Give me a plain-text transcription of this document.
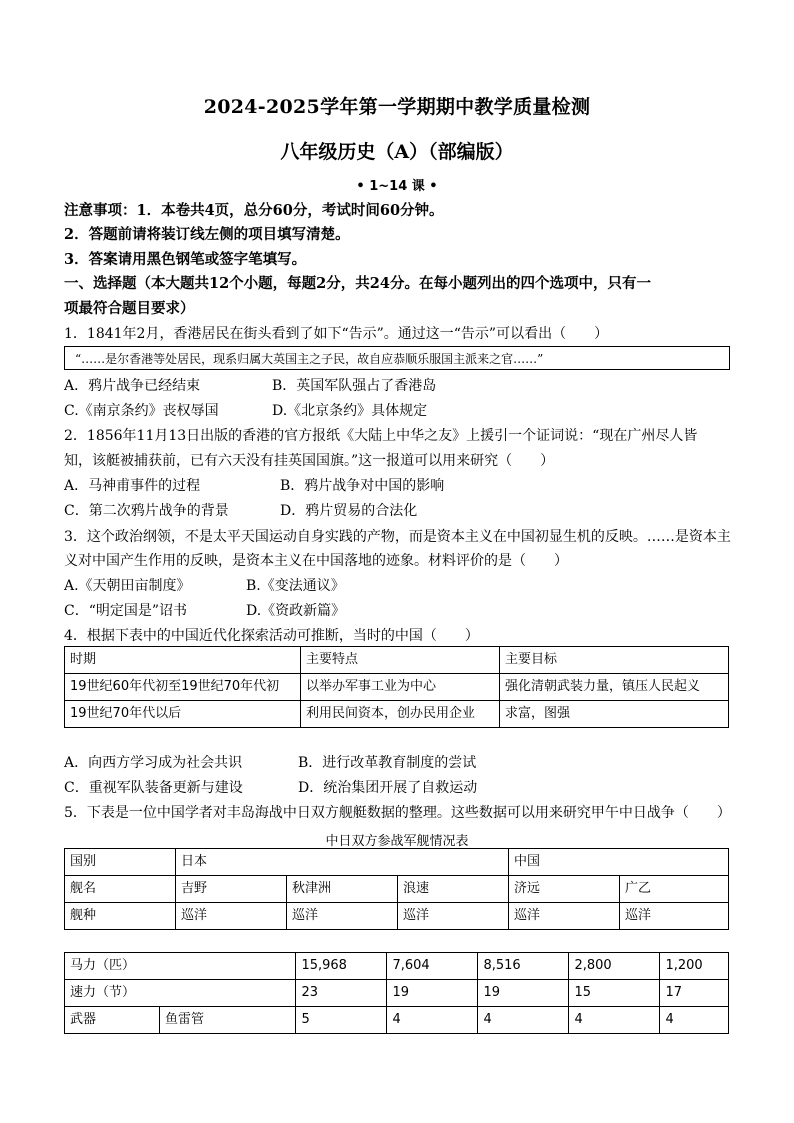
2024-2025学年第一学期期中教学质量检测
八年级历史（A）（部编版）
• 1~14 课 •
注意事项：1．本卷共4页，总分60分，考试时间60分钟。
2．答题前请将装订线左侧的项目填写清楚。
3．答案请用黑色钢笔或签字笔填写。
一、选择题（本大题共12个小题，每题2分，共24分。在每小题列出的四个选项中，只有一
项最符合题目要求）
1．1841年2月，香港居民在街头看到了如下“告示”。通过这一“告示”可以看出（　　）
“……是尔香港等处居民，现系归属大英国主之子民，故自应恭顺乐服国主派来之官……”
A．鸦片战争已经结束	B．英国军队强占了香港岛
C.《南京条约》丧权辱国	D.《北京条约》具体规定
2．1856年11月13日出版的香港的官方报纸《大陆上中华之友》上援引一个证词说：“现在广州尽人皆
知，该艇被捕获前，已有六天没有挂英国国旗。”这一报道可以用来研究（　　）
A．马神甫事件的过程	B．鸦片战争对中国的影响
C．第二次鸦片战争的背景	D．鸦片贸易的合法化
3．这个政治纲领，不是太平天国运动自身实践的产物，而是资本主义在中国初显生机的反映。……是资本主
义对中国产生作用的反映，是资本主义在中国落地的迹象。材料评价的是（　　）
A.《天朝田亩制度》	B.《变法通议》
C．“明定国是”诏书	D.《资政新篇》
4．根据下表中的中国近代化探索活动可推断，当时的中国（　　）
时期	主要特点	主要目标
19世纪60年代初至19世纪70年代初	以举办军事工业为中心	强化清朝武装力量，镇压人民起义
19世纪70年代以后	利用民间资本，创办民用企业	求富，图强
A．向西方学习成为社会共识	B．进行改革教育制度的尝试
C．重视军队装备更新与建设	D．统治集团开展了自救运动
5．下表是一位中国学者对丰岛海战中日双方舰艇数据的整理。这些数据可以用来研究甲午中日战争（　　）
中日双方参战军舰情况表
国别	日本			中国	
舰名	吉野	秋津洲	浪速	济远	广乙
舰种	巡洋	巡洋	巡洋	巡洋	巡洋
马力（匹）		15,968	7,604	8,516	2,800	1,200
速力（节）		23	19	19	15	17
武器	鱼雷管	5	4	4	4	4
